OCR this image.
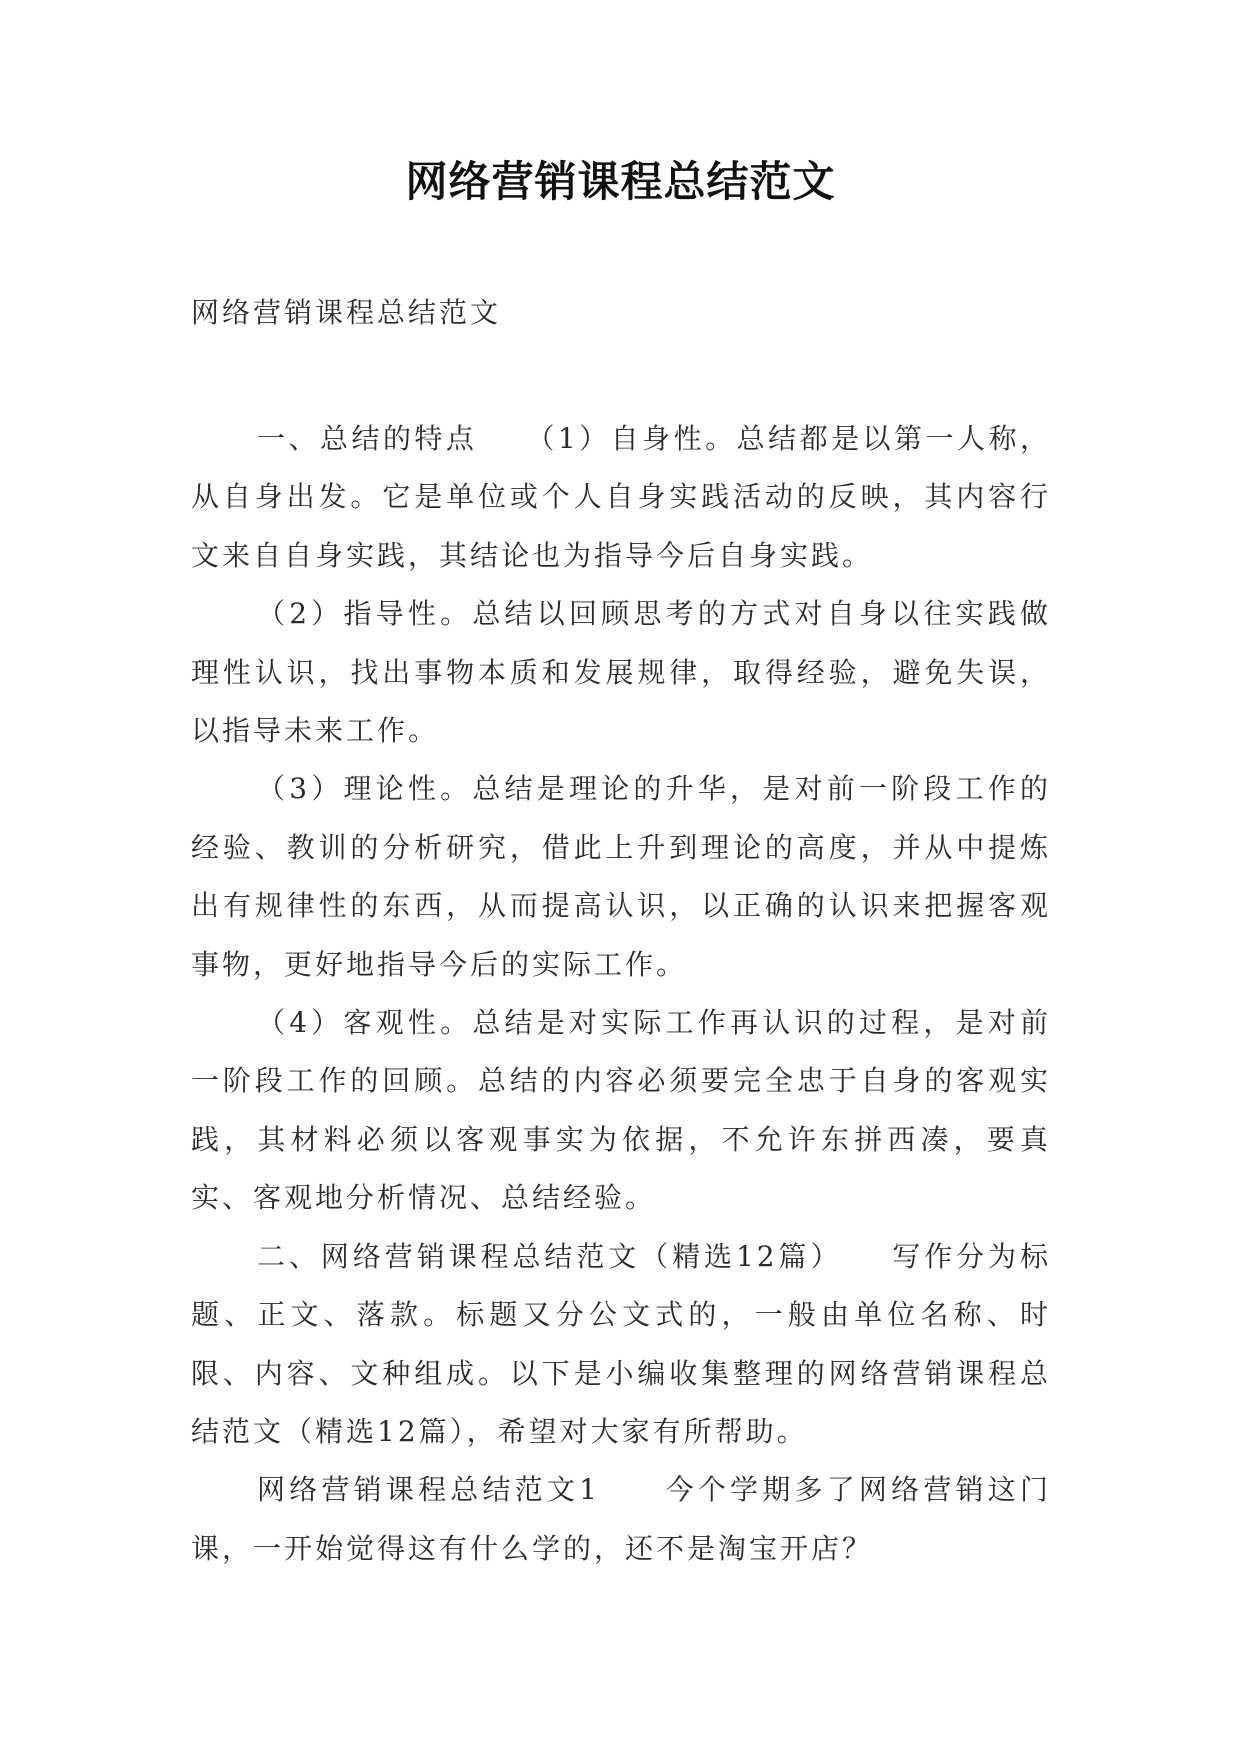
网络营销课程总结范文
网络营销课程总结范文

一、总结的特点　　（1）自身性。总结都是以第一人称，从自身出发。它是单位或个人自身实践活动的反映，其内容行文来自自身实践，其结论也为指导今后自身实践。

（2）指导性。总结以回顾思考的方式对自身以往实践做理性认识，找出事物本质和发展规律，取得经验，避免失误，以指导未来工作。

（3）理论性。总结是理论的升华，是对前一阶段工作的经验、教训的分析研究，借此上升到理论的高度，并从中提炼出有规律性的东西，从而提高认识，以正确的认识来把握客观事物，更好地指导今后的实际工作。

（4）客观性。总结是对实际工作再认识的过程，是对前一阶段工作的回顾。总结的内容必须要完全忠于自身的客观实践，其材料必须以客观事实为依据，不允许东拼西凑，要真实、客观地分析情况、总结经验。

二、网络营销课程总结范文（精选12篇）　　写作分为标题、正文、落款。标题又分公文式的，一般由单位名称、时限、内容、文种组成。以下是小编收集整理的网络营销课程总结范文（精选12篇），希望对大家有所帮助。

网络营销课程总结范文1　　今个学期多了网络营销这门课，一开始觉得这有什么学的，还不是淘宝开店？
